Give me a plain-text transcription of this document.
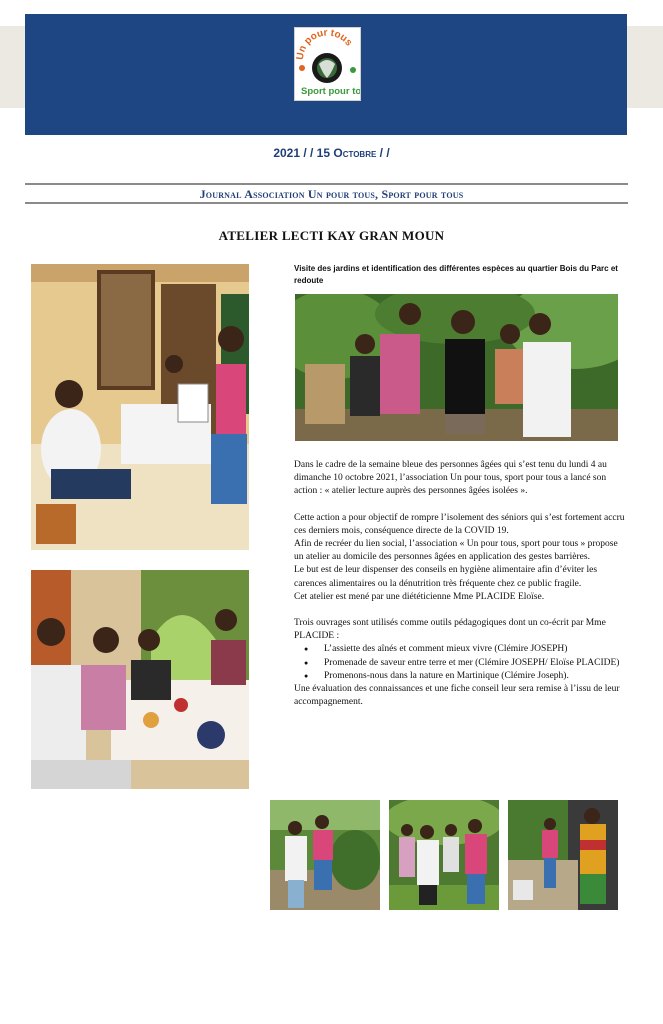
Un pour tous
Sport pour to
2021 / / 15 Octobre / /
Journal Association Un pour tous, Sport pour tous
ATELIER LECTI KAY GRAN MOUN
Visite des jardins et identification des différentes espèces au quartier Bois du Parc et redoute

Dans le cadre de la semaine bleue des personnes âgées qui s’est tenu du lundi 4 au dimanche 10 octobre 2021, l’association Un pour tous, sport pour tous a lancé son action : « atelier lecture auprès des personnes âgées isolées ».

Cette action a pour objectif de rompre l’isolement des séniors qui s’est fortement accru ces derniers mois, conséquence directe de la COVID 19.

Afin de recréer du lien social, l’association « Un pour tous, sport pour tous » propose un atelier au domicile des personnes âgées en application des gestes barrières.

Le but est de leur dispenser des conseils en hygiène alimentaire afin d’éviter les carences alimentaires ou la dénutrition très fréquente chez ce public fragile.

Cet atelier est mené par une diététicienne Mme PLACIDE Eloïse.

Trois ouvrages sont utilisés comme outils pédagogiques dont un co-écrit par Mme PLACIDE :

● L’assiette des aînés et comment mieux vivre (Clémire JOSEPH)
● Promenade de saveur entre terre et mer (Clémire JOSEPH/ Eloïse PLACIDE)
● Promenons-nous dans la nature en Martinique (Clémire Joseph).

Une évaluation des connaissances et une fiche conseil leur sera remise à l’issu de leur accompagnement.
